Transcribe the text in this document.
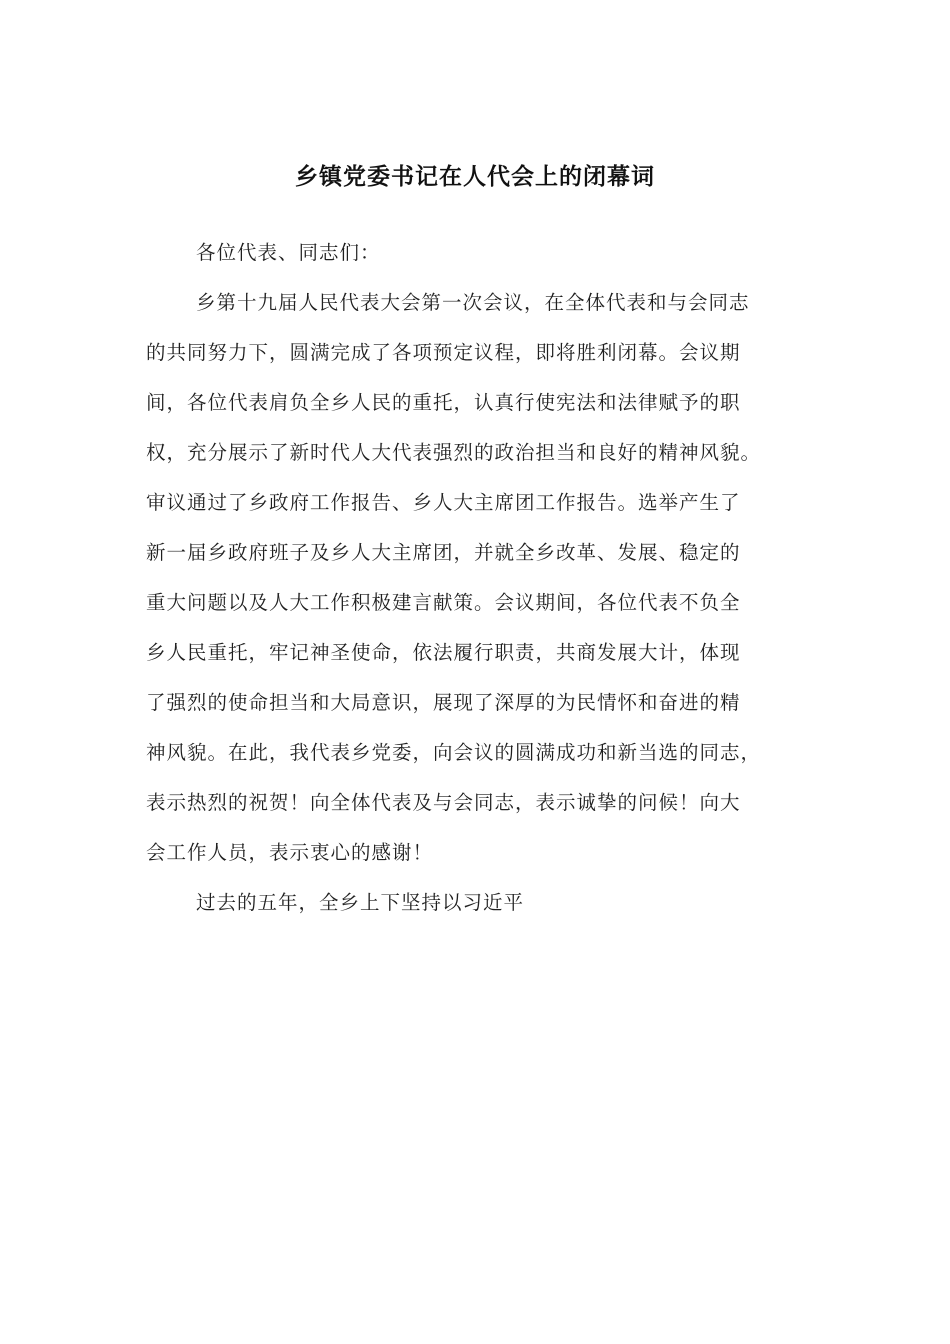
乡镇党委书记在人代会上的闭幕词
各位代表、同志们：
乡第十九届人民代表大会第一次会议，在全体代表和与会同志
的共同努力下，圆满完成了各项预定议程，即将胜利闭幕。会议期
间，各位代表肩负全乡人民的重托，认真行使宪法和法律赋予的职
权，充分展示了新时代人大代表强烈的政治担当和良好的精神风貌。
审议通过了乡政府工作报告、乡人大主席团工作报告。选举产生了
新一届乡政府班子及乡人大主席团，并就全乡改革、发展、稳定的
重大问题以及人大工作积极建言献策。会议期间，各位代表不负全
乡人民重托，牢记神圣使命，依法履行职责，共商发展大计，体现
了强烈的使命担当和大局意识，展现了深厚的为民情怀和奋进的精
神风貌。在此，我代表乡党委，向会议的圆满成功和新当选的同志，
表示热烈的祝贺！向全体代表及与会同志，表示诚挚的问候！向大
会工作人员，表示衷心的感谢！
过去的五年，全乡上下坚持以习近平
